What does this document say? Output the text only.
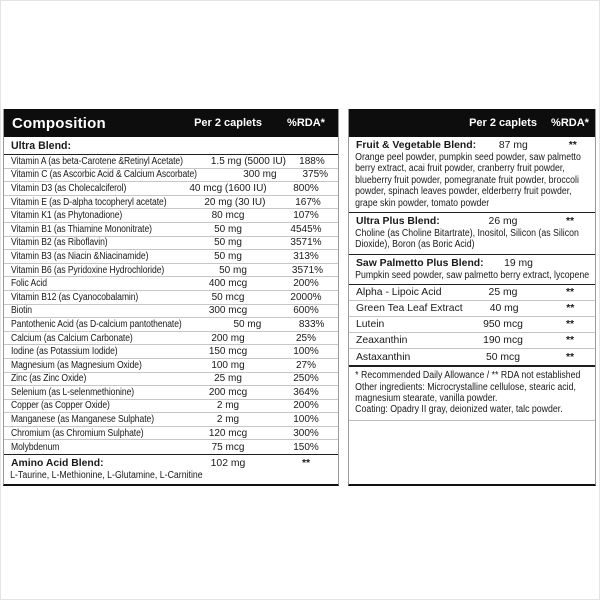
Composition	Per 2 caplets	%RDA*
Ultra Blend:
Vitamin A (as beta-Carotene &Retinyl Acetate)	1.5 mg (5000 IU)	188%
Vitamin C (as Ascorbic Acid & Calcium Ascorbate)	300 mg	375%
Vitamin D3 (as Cholecalciferol)	40 mcg (1600 IU)	800%
Vitamin E (as D-alpha tocopheryl acetate)	20 mg (30 IU)	167%
Vitamin K1 (as Phytonadione)	80 mcg	107%
Vitamin B1 (as Thiamine Mononitrate)	50 mg	4545%
Vitamin B2 (as Riboflavin)	50 mg	3571%
Vitamin B3 (as Niacin &Niacinamide)	50 mg	313%
Vitamin B6 (as Pyridoxine Hydrochloride)	50 mg	3571%
Folic Acid	400 mcg	200%
Vitamin B12 (as Cyanocobalamin)	50 mcg	2000%
Biotin	300 mcg	600%
Pantothenic Acid (as D-calcium pantothenate)	50 mg	833%
Calcium (as Calcium Carbonate)	200 mg	25%
Iodine (as Potassium Iodide)	150 mcg	100%
Magnesium (as Magnesium Oxide)	100 mg	27%
Zinc (as Zinc Oxide)	25 mg	250%
Selenium (as L-selenmethionine)	200 mcg	364%
Copper (as Copper Oxide)	2 mg	200%
Manganese (as Manganese Sulphate)	2 mg	100%
Chromium (as Chromium Sulphate)	120 mcg	300%
Molybdenum	75 mcg	150%
Amino Acid Blend:	102 mg	**
L-Taurine, L-Methionine, L-Glutamine, L-Carnitine
Per 2 caplets	%RDA*
Fruit & Vegetable Blend:	87 mg	**
Orange peel powder, pumpkin seed powder, saw palmetto berry extract, acai fruit powder, cranberry fruit powder, blueberry fruit powder, pomegranate fruit powder, broccoli powder, spinach leaves powder, elderberry fruit powder, grape skin powder, tomato powder
Ultra Plus Blend:	26 mg	**
Choline (as Choline Bitartrate), Inositol, Silicon (as Silicon Dioxide), Boron (as Boric Acid)
Saw Palmetto Plus Blend:	19 mg
Pumpkin seed powder, saw palmetto berry extract, lycopene
Alpha - Lipoic Acid	25 mg	**
Green Tea Leaf Extract	40 mg	**
Lutein	950 mcg	**
Zeaxanthin	190 mcg	**
Astaxanthin	50 mcg	**
* Recommended Daily Allowance / ** RDA not established
Other ingredients: Microcrystalline cellulose, stearic acid, magnesium stearate, vanilla powder.
Coating: Opadry II gray, deionized water, talc powder.
